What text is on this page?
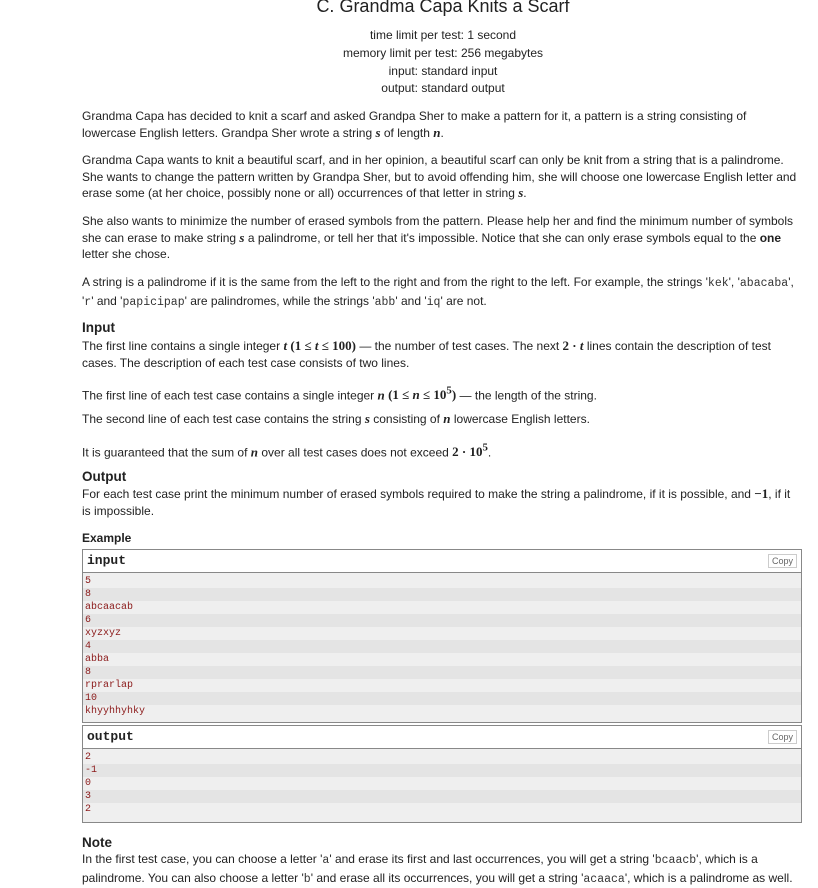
C. Grandma Capa Knits a Scarf
time limit per test: 1 second
memory limit per test: 256 megabytes
input: standard input
output: standard output

Grandma Capa has decided to knit a scarf and asked Grandpa Sher to make a pattern for it, a pattern is a string consisting of lowercase English letters. Grandpa Sher wrote a string s of length n.

Grandma Capa wants to knit a beautiful scarf, and in her opinion, a beautiful scarf can only be knit from a string that is a palindrome. She wants to change the pattern written by Grandpa Sher, but to avoid offending him, she will choose one lowercase English letter and erase some (at her choice, possibly none or all) occurrences of that letter in string s.

She also wants to minimize the number of erased symbols from the pattern. Please help her and find the minimum number of symbols she can erase to make string s a palindrome, or tell her that it's impossible. Notice that she can only erase symbols equal to the one letter she chose.

A string is a palindrome if it is the same from the left to the right and from the right to the left. For example, the strings 'kek', 'abacaba', 'r' and 'papicipap' are palindromes, while the strings 'abb' and 'iq' are not.

Input

The first line contains a single integer t (1 ≤ t ≤ 100) — the number of test cases. The next 2 · t lines contain the description of test cases. The description of each test case consists of two lines.

The first line of each test case contains a single integer n $(1 \le n \le 10^5)$ — the length of the string.

The second line of each test case contains the string s consisting of n lowercase English letters.

It is guaranteed that the sum of n over all test cases does not exceed $2 \cdot 10^5$.

Output

For each test case print the minimum number of erased symbols required to make the string a palindrome, if it is possible, and −1, if it is impossible.

Example
input	Copy
5
8
abcaacab
6
xyzxyz
4
abba
8
rprarlap
10
khyyhhyhky
output	Copy
2
-1
0
3
2
Note

In the first test case, you can choose a letter 'a' and erase its first and last occurrences, you will get a string 'bcaacb', which is a palindrome. You can also choose a letter 'b' and erase all its occurrences, you will get a string 'acaaca', which is a palindrome as well.
